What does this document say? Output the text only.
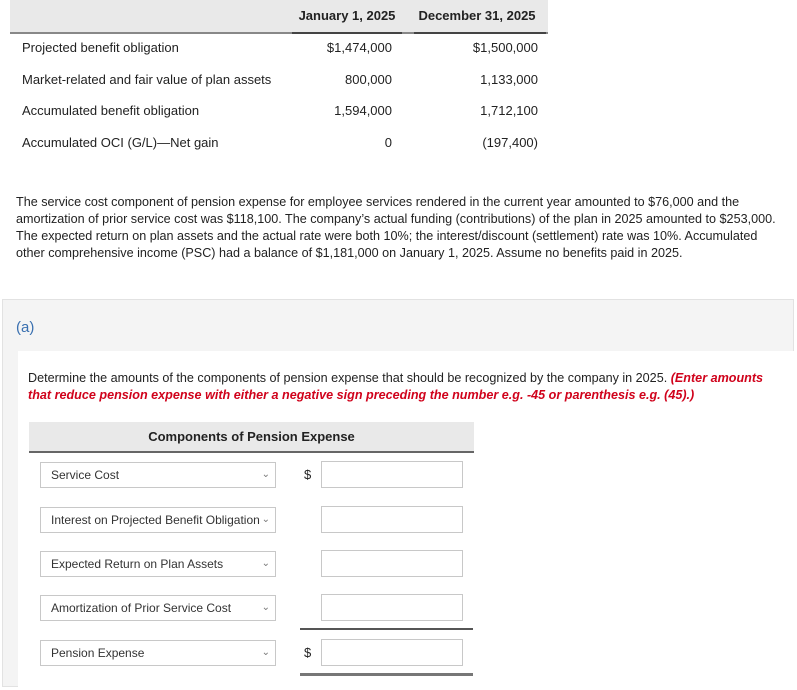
January 1, 2025	December 31, 2025
Projected benefit obligation	$1,474,000	$1,500,000
Market-related and fair value of plan assets	800,000	1,133,000
Accumulated benefit obligation	1,594,000	1,712,100
Accumulated OCI (G/L)—Net gain	0	(197,400)
The service cost component of pension expense for employee services rendered in the current year amounted to $76,000 and the amortization of prior service cost was $118,100. The company’s actual funding (contributions) of the plan in 2025 amounted to $253,000. The expected return on plan assets and the actual rate were both 10%; the interest/discount (settlement) rate was 10%. Accumulated other comprehensive income (PSC) had a balance of $1,181,000 on January 1, 2025. Assume no benefits paid in 2025.
(a)
Determine the amounts of the components of pension expense that should be recognized by the company in 2025. (Enter amounts that reduce pension expense with either a negative sign preceding the number e.g. -45 or parenthesis e.g. (45).)
Components of Pension Expense
Service Cost	⌄	$
Interest on Projected Benefit Obligation ⌄
Expected Return on Plan Assets	⌄
Amortization of Prior Service Cost	⌄
Pension Expense	⌄	$
